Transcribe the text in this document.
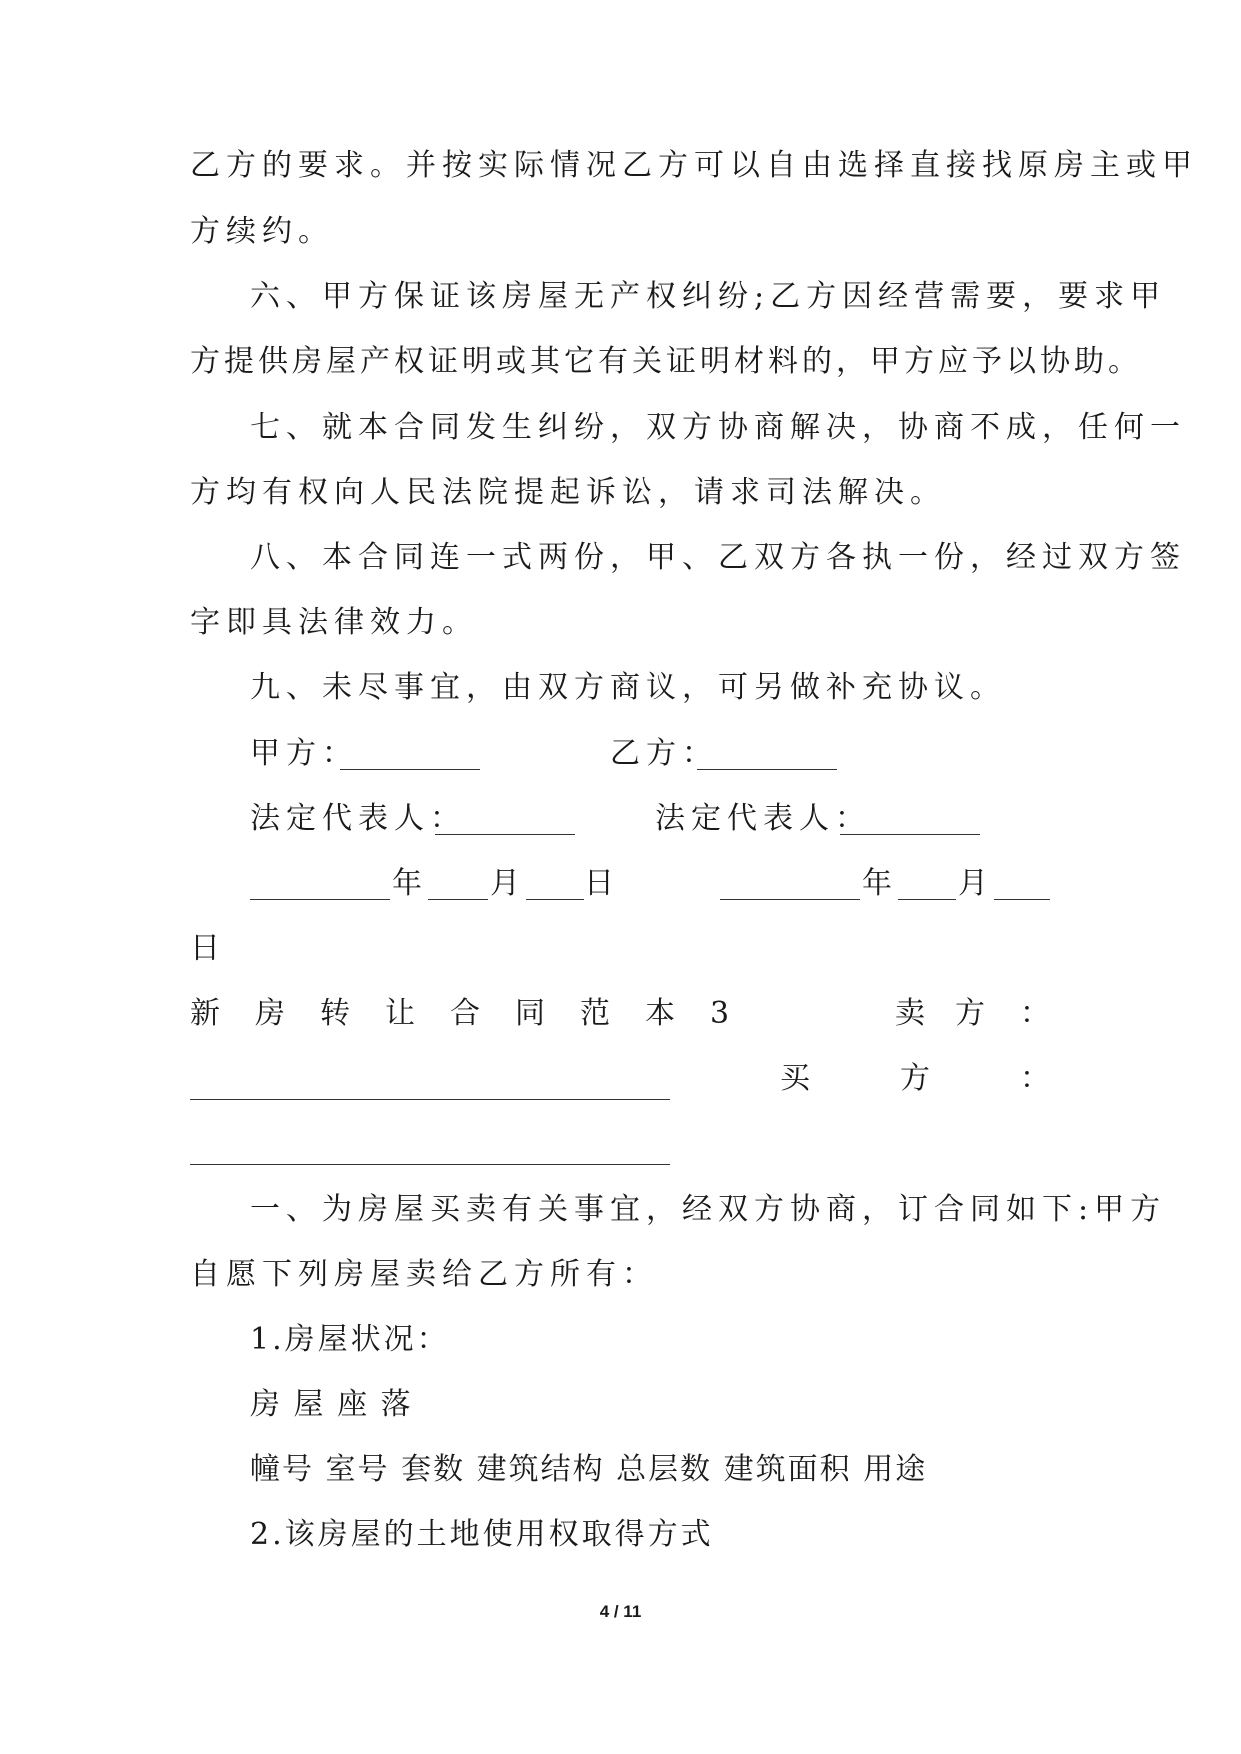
乙方的要求。并按实际情况乙方可以自由选择直接找原房主或甲
方续约。
六、甲方保证该房屋无产权纠纷;乙方因经营需要，要求甲
方提供房屋产权证明或其它有关证明材料的，甲方应予以协助。
七、就本合同发生纠纷，双方协商解决，协商不成，任何一
方均有权向人民法院提起诉讼，请求司法解决。
八、本合同连一式两份，甲、乙双方各执一份，经过双方签
字即具法律效力。
九、未尽事宜，由双方商议，可另做补充协议。
甲方：	乙方：
法定代表人：	法定代表人：
年 月 日	年 月
日
新 房 转 让 合 同 范 本 3	卖 方 ：
买	方	：
一、为房屋买卖有关事宜，经双方协商，订合同如下:甲方
自愿下列房屋卖给乙方所有：
1.房屋状况：
房 屋 座 落
幢号 室号 套数 建筑结构 总层数 建筑面积 用途
2.该房屋的土地使用权取得方式
4 / 11
